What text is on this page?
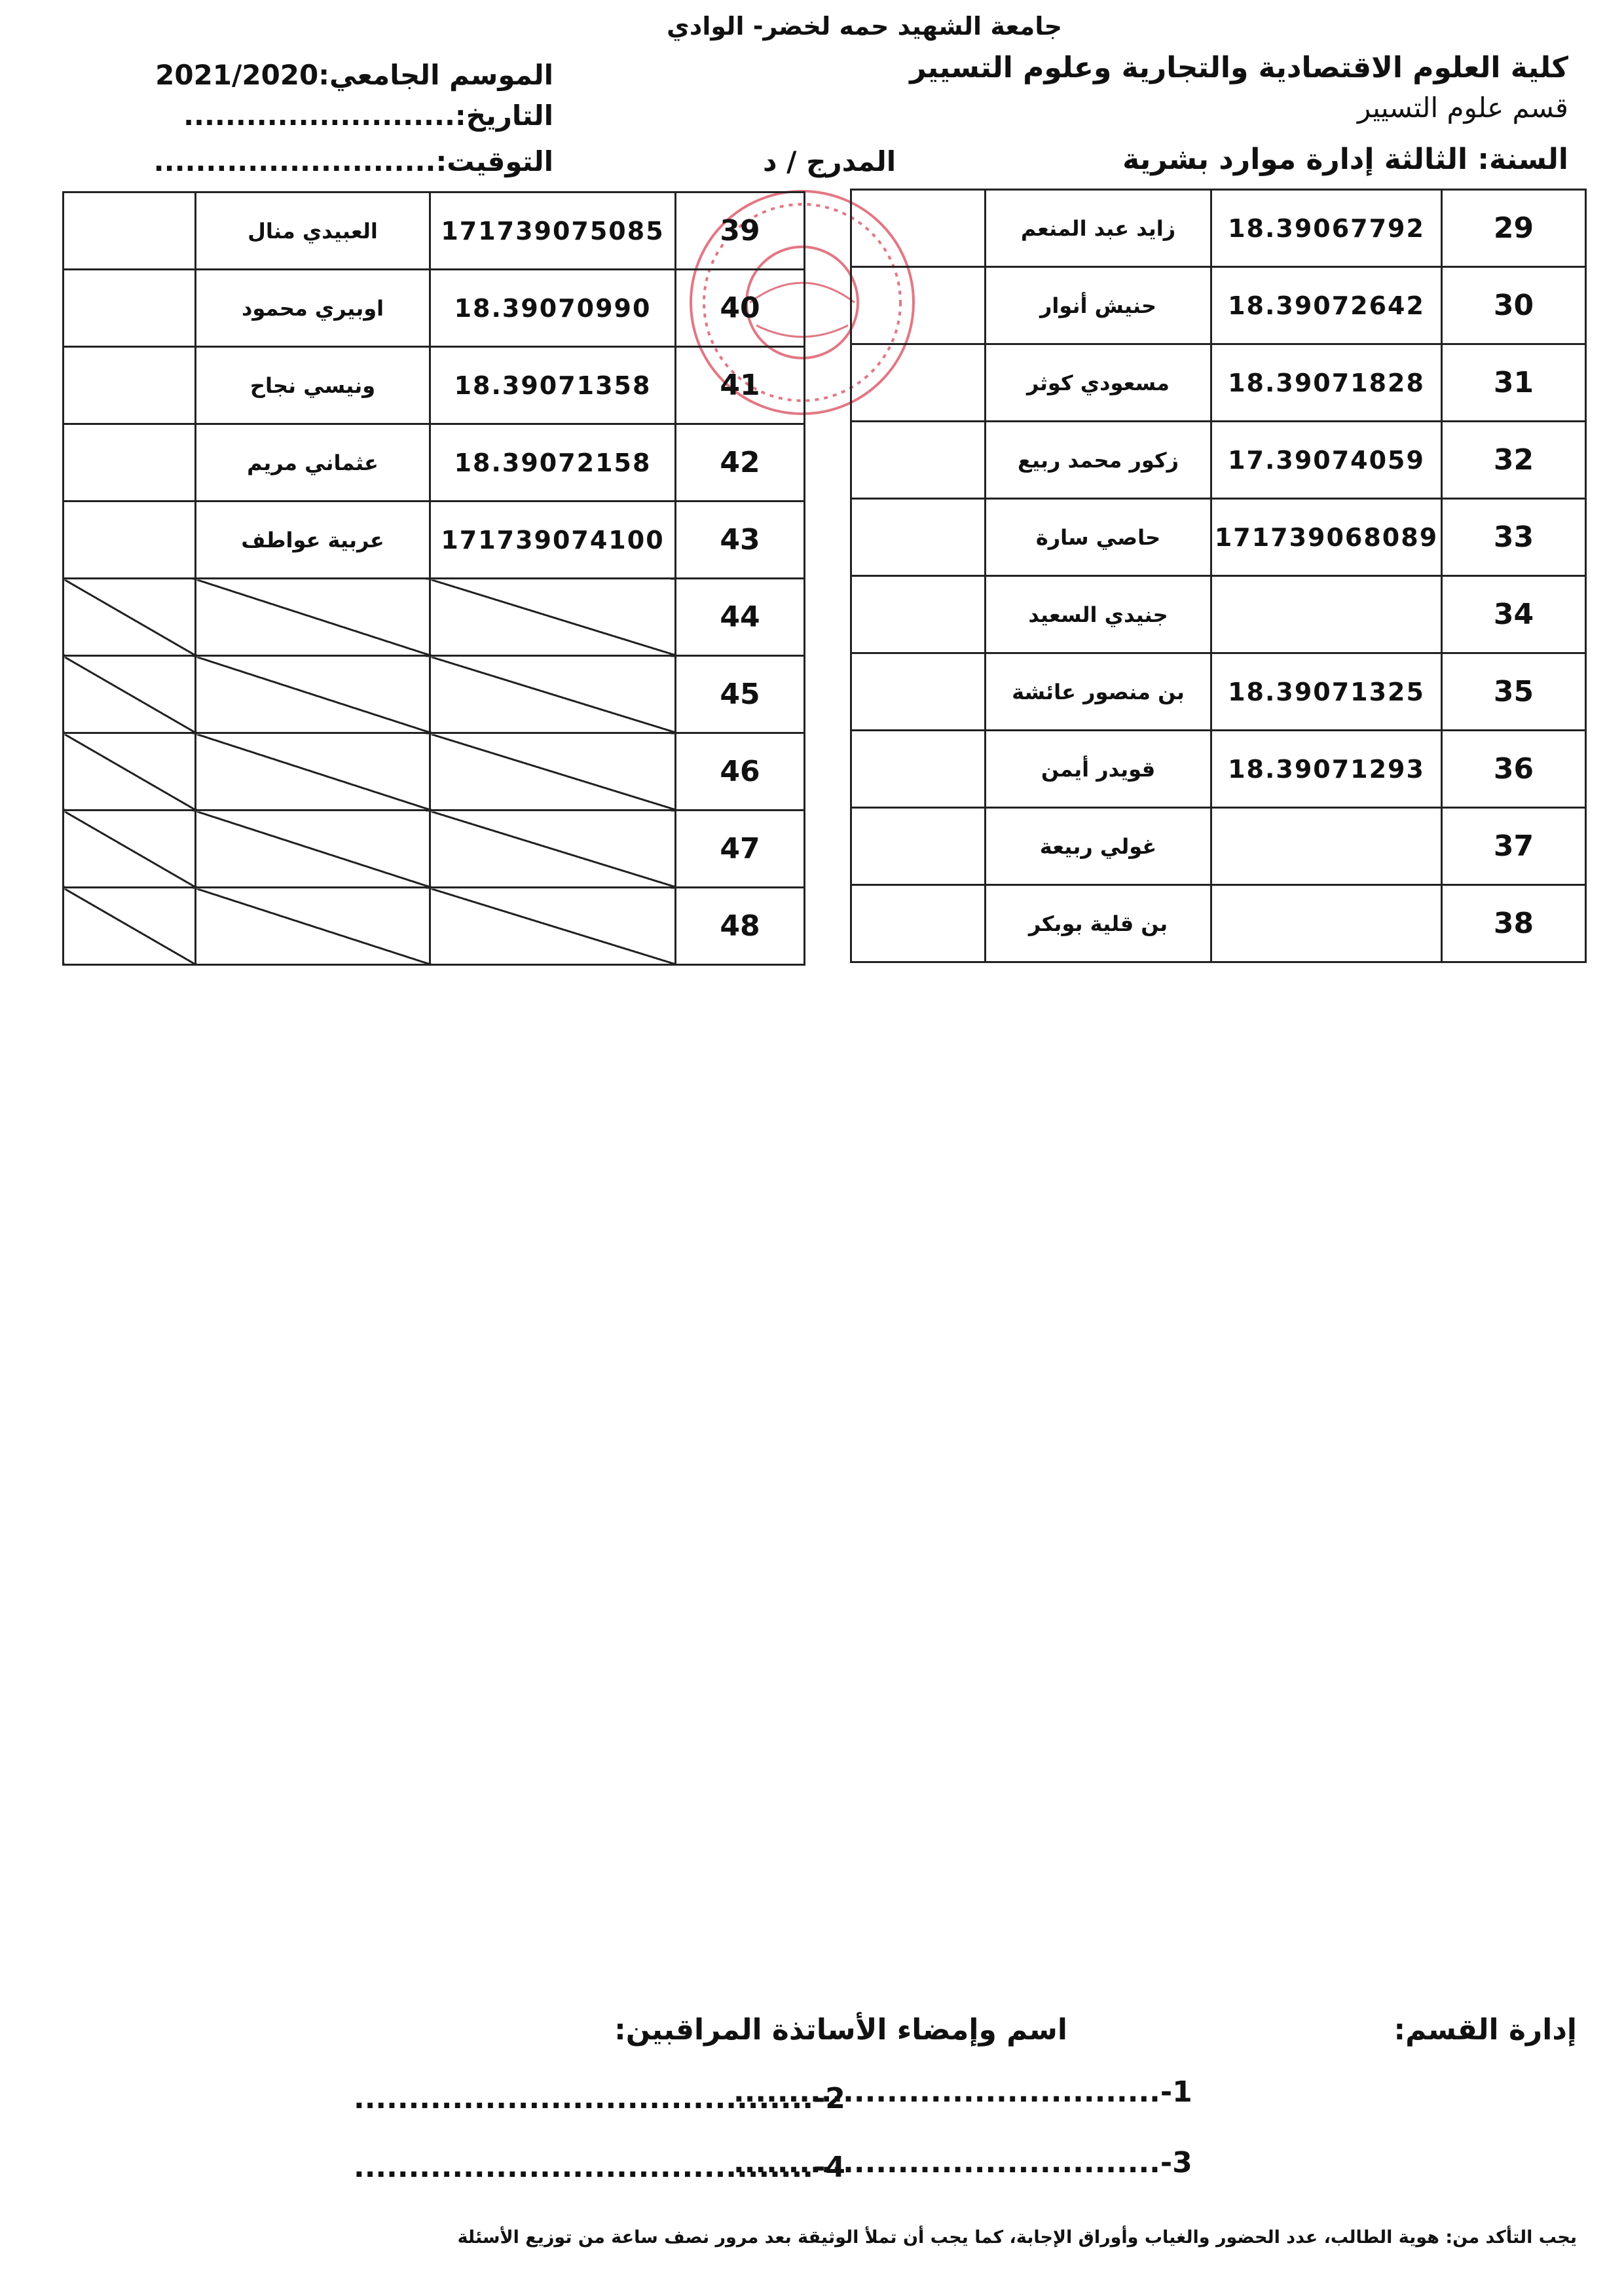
جامعة الشهيد حمه لخضر- الوادي
كلية العلوم الاقتصادية والتجارية وعلوم التسيير
قسم علوم التسيير
السنة: الثالثة إدارة موارد بشرية
المدرج / د
الموسم الجامعي:2021/2020
التاريخ:..........................
التوقيت:...........................
	زايد عبد المنعم	18.39067792	29
	حنيش أنوار	18.39072642	30
	مسعودي كوثر	18.39071828	31
	زكور محمد ربيع	17.39074059	32
	حاصي سارة	171739068089	33
	جنيدي السعيد		34
	بن منصور عائشة	18.39071325	35
	قويدر أيمن	18.39071293	36
	غولي ربيعة		37
	بن قلية بوبكر		38
	العبيدي منال	171739075085	39
	اوبيري محمود	18.39070990	40
	ونيسي نجاح	18.39071358	41
	عثماني مريم	18.39072158	42
	عربية عواطف	171739074100	43
			44
			45
			46
			47
			48
إدارة القسم:
اسم وإمضاء الأساتذة المراقبين:
.......................................-1
..........................................-2
.......................................-3
..........................................-4
يجب التأكد من: هوية الطالب، عدد الحضور والغياب وأوراق الإجابة، كما يجب أن تملأ الوثيقة بعد مرور نصف ساعة من توزيع الأسئلة
